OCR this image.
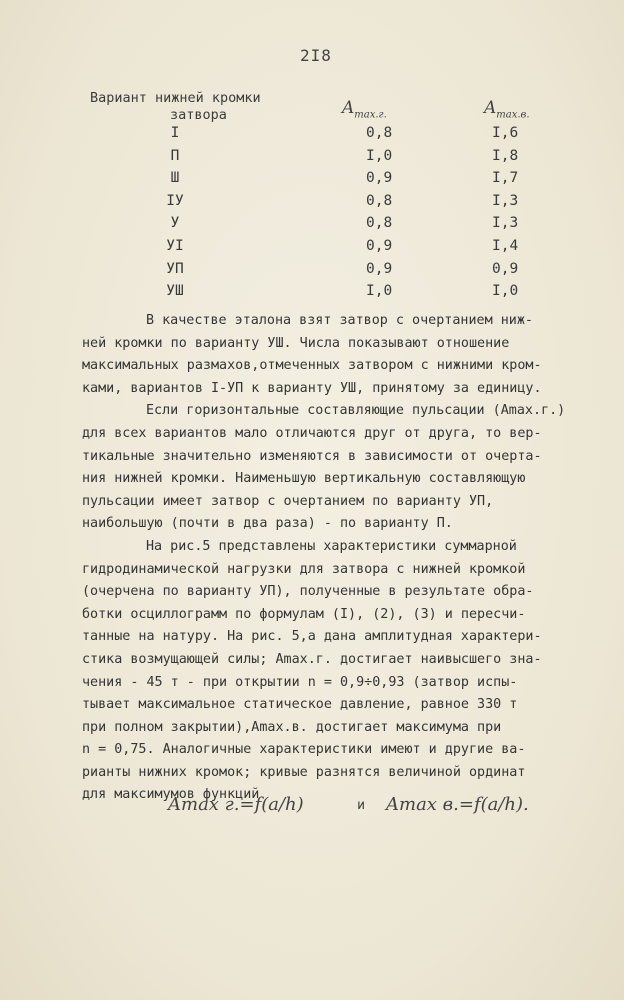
2I8
Вариант нижней кромки
затвора	$A_{max.г.}$	$A_{max.в.}$
I	0,8	I,6
П	I,0	I,8
Ш	0,9	I,7
IУ	0,8	I,3
У	0,8	I,3
УI	0,9	I,4
УП	0,9	0,9
УШ	I,0	I,0

В качестве эталона взят затвор с очертанием ниж-
ней кромки по варианту УШ. Числа показывают отношение
максимальных размахов,отмеченных затвором с нижними кром-
ками, вариантов I-УП к варианту УШ, принятому за единицу.

Если горизонтальные составляющие пульсации (Amax.г.)
для всех вариантов мало отличаются друг от друга, то вер-
тикальные значительно изменяются в зависимости от очерта-
ния нижней кромки. Наименьшую вертикальную составляющую
пульсации имеет затвор с очертанием по варианту УП,
наибольшую (почти в два раза) - по варианту П.

На рис.5 представлены характеристики суммарной
гидродинамической нагрузки для затвора с нижней кромкой
(очерчена по варианту УП), полученные в результате обра-
ботки осциллограмм по формулам (I), (2), (3) и пересчи-
танные на натуру. На рис. 5,а дана амплитудная характери-
стика возмущающей силы; Amax.г. достигает наивысшего зна-
чения - 45 т - при открытии n = 0,9÷0,93 (затвор испы-
тывает максимальное статическое давление, равное 330 т
при полном закрытии),Amax.в. достигает максимума при
n = 0,75. Аналогичные характеристики имеют и другие ва-
рианты нижних кромок; кривые разнятся величиной ординат
для максимумов функций

Amax г.=f(a/h)	и Amax в.=f(a/h).
